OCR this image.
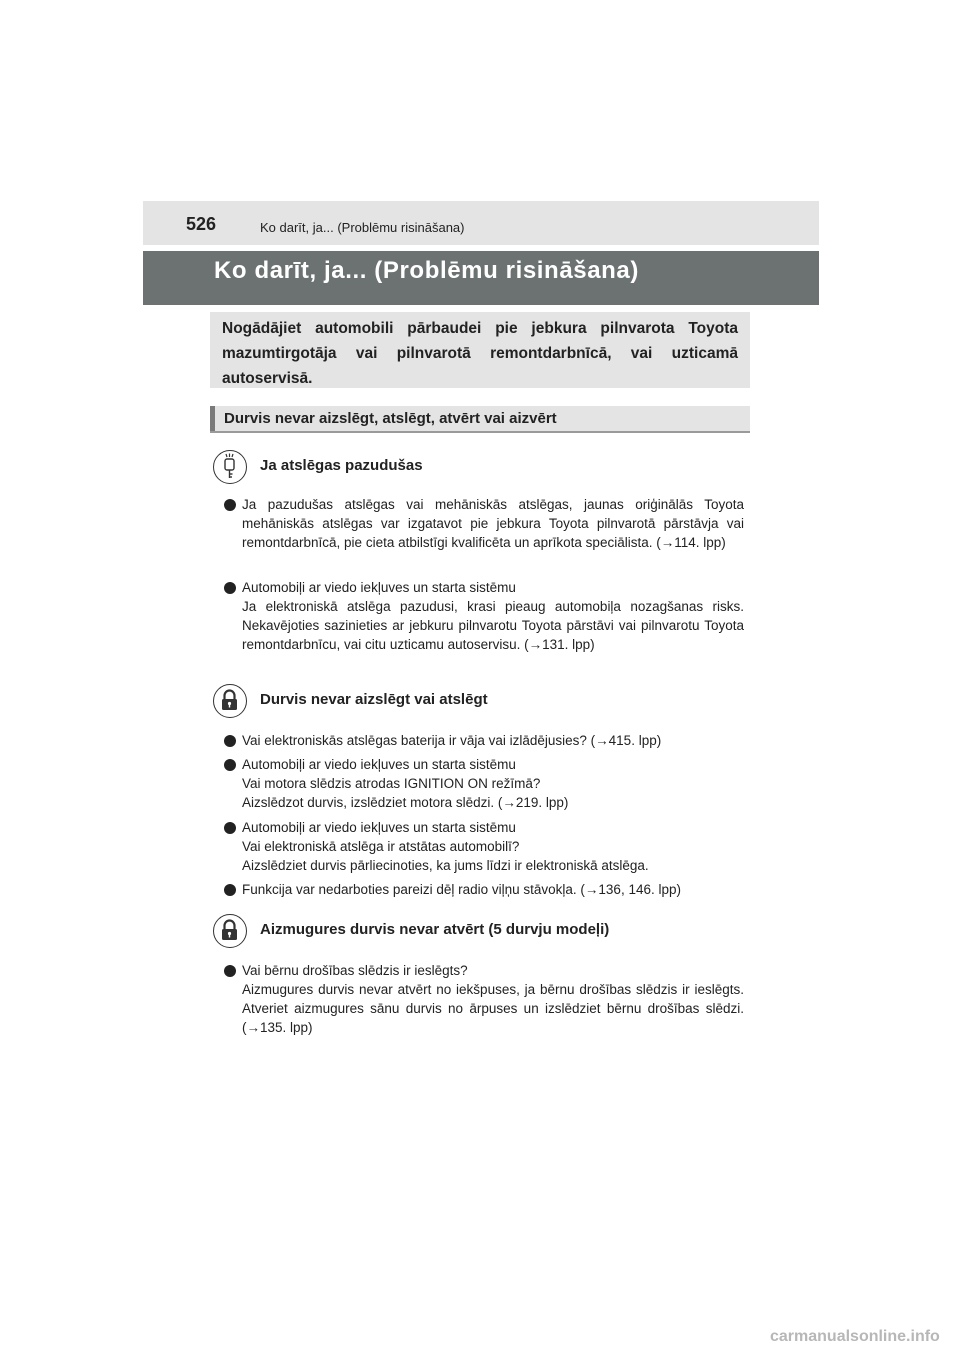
526	Ko darīt, ja... (Problēmu risināšana)
Ko darīt, ja... (Problēmu risināšana)
Nogādājiet automobili pārbaudei pie jebkura pilnvarota Toyota mazumtirgotāja vai pilnvarotā remontdarbnīcā, vai uzticamā autoservisā.
Durvis nevar aizslēgt, atslēgt, atvērt vai aizvērt
Ja atslēgas pazudušas
Ja pazudušas atslēgas vai mehāniskās atslēgas, jaunas oriģinālās Toyota mehāniskās atslēgas var izgatavot pie jebkura Toyota pilnvarotā pārstāvja vai remontdarbnīcā, pie cieta atbilstīgi kvalificēta un aprīkota speciālista. (→114. lpp)
Automobiļi ar viedo iekļuves un starta sistēmu
Ja elektroniskā atslēga pazudusi, krasi pieaug automobiļa nozagšanas risks. Nekavējoties sazinieties ar jebkuru pilnvarotu Toyota pārstāvi vai pilnvarotu Toyota remontdarbnīcu, vai citu uzticamu autoservisu. (→131. lpp)
Durvis nevar aizslēgt vai atslēgt
Vai elektroniskās atslēgas baterija ir vāja vai izlādējusies? (→415. lpp)
Automobiļi ar viedo iekļuves un starta sistēmu
Vai motora slēdzis atrodas IGNITION ON režīmā?
Aizslēdzot durvis, izslēdziet motora slēdzi. (→219. lpp)
Automobiļi ar viedo iekļuves un starta sistēmu
Vai elektroniskā atslēga ir atstātas automobilī?
Aizslēdziet durvis pārliecinoties, ka jums līdzi ir elektroniskā atslēga.
Funkcija var nedarboties pareizi dēļ radio viļņu stāvokļa. (→136, 146. lpp)
Aizmugures durvis nevar atvērt (5 durvju modeļi)
Vai bērnu drošības slēdzis ir ieslēgts?
Aizmugures durvis nevar atvērt no iekšpuses, ja bērnu drošības slēdzis ir ieslēgts. Atveriet aizmugures sānu durvis no ārpuses un izslēdziet bērnu drošības slēdzi. (→135. lpp)
carmanualsonline.info
